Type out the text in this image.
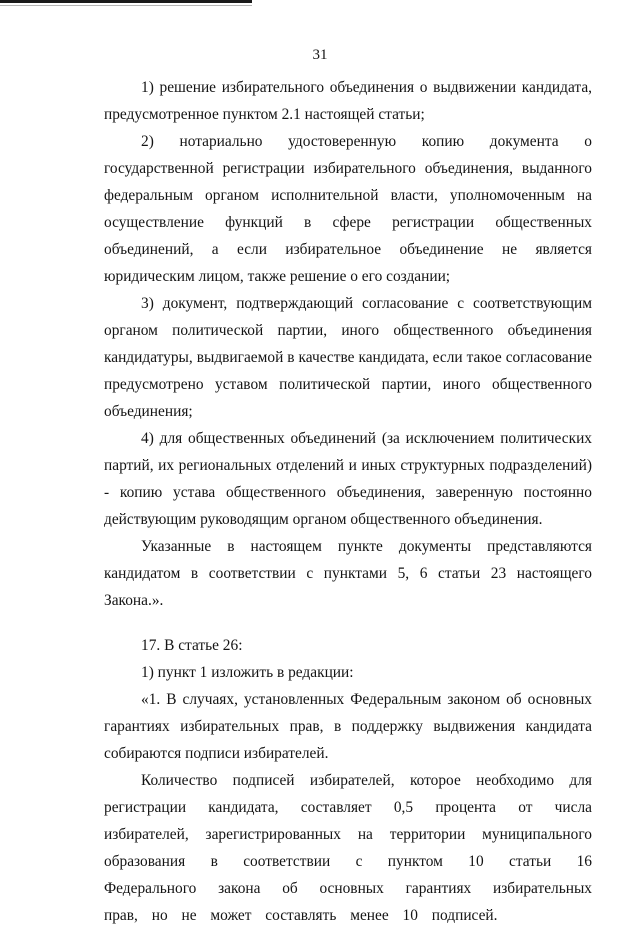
31

1) решение избирательного объединения о выдвижении кандидата, предусмотренное пунктом 2.1 настоящей статьи;

2) нотариально удостоверенную копию документа о государственной регистрации избирательного объединения, выданного федеральным органом исполнительной власти, уполномоченным на осуществление функций в сфере регистрации общественных объединений, а если избирательное объединение не является юридическим лицом, также решение о его создании;

3) документ, подтверждающий согласование с соответствующим органом политической партии, иного общественного объединения кандидатуры, выдвигаемой в качестве кандидата, если такое согласование предусмотрено уставом политической партии, иного общественного объединения;

4) для общественных объединений (за исключением политических партий, их региональных отделений и иных структурных подразделений) - копию устава общественного объединения, заверенную постоянно действующим руководящим органом общественного объединения.

Указанные в настоящем пункте документы представляются кандидатом в соответствии с пунктами 5, 6 статьи 23 настоящего Закона.».

17. В статье 26:

1) пункт 1 изложить в редакции:

«1. В случаях, установленных Федеральным законом об основных гарантиях избирательных прав, в поддержку выдвижения кандидата собираются подписи избирателей.

Количество подписей избирателей, которое необходимо для регистрации кандидата, составляет 0,5 процента от числа избирателей, зарегистрированных на территории муниципального образования в соответствии с пунктом 10 статьи 16 Федерального закона об основных гарантиях избирательных прав, но не может составлять менее 10 подписей.
